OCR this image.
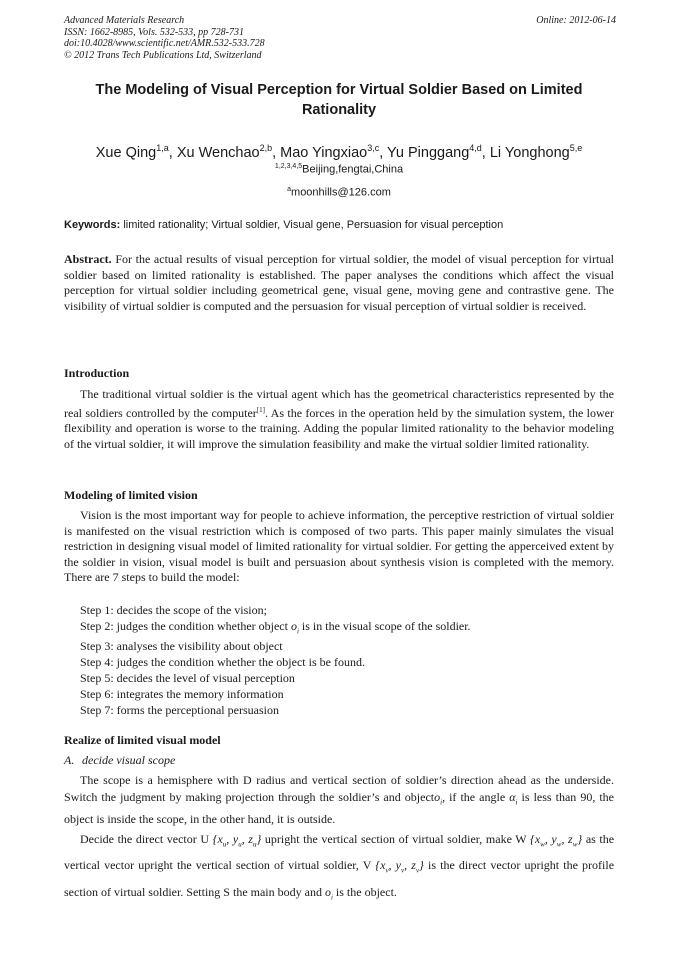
Advanced Materials Research
ISSN: 1662-8985, Vols. 532-533, pp 728-731
doi:10.4028/www.scientific.net/AMR.532-533.728
© 2012 Trans Tech Publications Ltd, Switzerland
Online: 2012-06-14
The Modeling of Visual Perception for Virtual Soldier Based on Limited Rationality
Xue Qing$^{1,a}$, Xu Wenchao$^{2,b}$, Mao Yingxiao$^{3,c}$, Yu Pinggang$^{4,d}$, Li Yonghong$^{5,e}$
$^{1,2,3,4,5}$Beijing,fengtai,China
$^a$moonhills@126.com
Keywords: limited rationality; Virtual soldier, Visual gene, Persuasion for visual perception
Abstract. For the actual results of visual perception for virtual soldier, the model of visual perception for virtual soldier based on limited rationality is established. The paper analyses the conditions which affect the visual perception for virtual soldier including geometrical gene, visual gene, moving gene and contrastive gene. The visibility of virtual soldier is computed and the persuasion for visual perception of virtual soldier is received.
Introduction
The traditional virtual soldier is the virtual agent which has the geometrical characteristics represented by the real soldiers controlled by the computer[1]. As the forces in the operation held by the simulation system, the lower flexibility and operation is worse to the training. Adding the popular limited rationality to the behavior modeling of the virtual soldier, it will improve the simulation feasibility and make the virtual soldier limited rationality.
Modeling of limited vision
Vision is the most important way for people to achieve information, the perceptive restriction of virtual soldier is manifested on the visual restriction which is composed of two parts. This paper mainly simulates the visual restriction in designing visual model of limited rationality for virtual soldier. For getting the apperceived extent by the soldier in vision, visual model is built and persuasion about synthesis vision is completed with the memory. There are 7 steps to build the model:
Step 1: decides the scope of the vision;
Step 2: judges the condition whether object $o_i$ is in the visual scope of the soldier.
Step 3: analyses the visibility about object
Step 4: judges the condition whether the object is be found.
Step 5: decides the level of visual perception
Step 6: integrates the memory information
Step 7: forms the perceptional persuasion
Realize of limited visual model
A. decide visual scope
The scope is a hemisphere with D radius and vertical section of soldier’s direction ahead as the underside. Switch the judgment by making projection through the soldier’s and objecto$_i$, if the angle $\alpha_i$ is less than 90, the object is inside the scope, in the other hand, it is outside.
Decide the direct vector U {$x_u$, $y_u$, $z_u$} upright the vertical section of virtual soldier, make W {$x_w$, $y_w$, $z_w$} as the vertical vector upright the vertical section of virtual soldier, V {$x_v$, $y_v$, $z_v$} is the direct vector upright the profile section of virtual soldier. Setting S the main body and $o_i$ is the object.
